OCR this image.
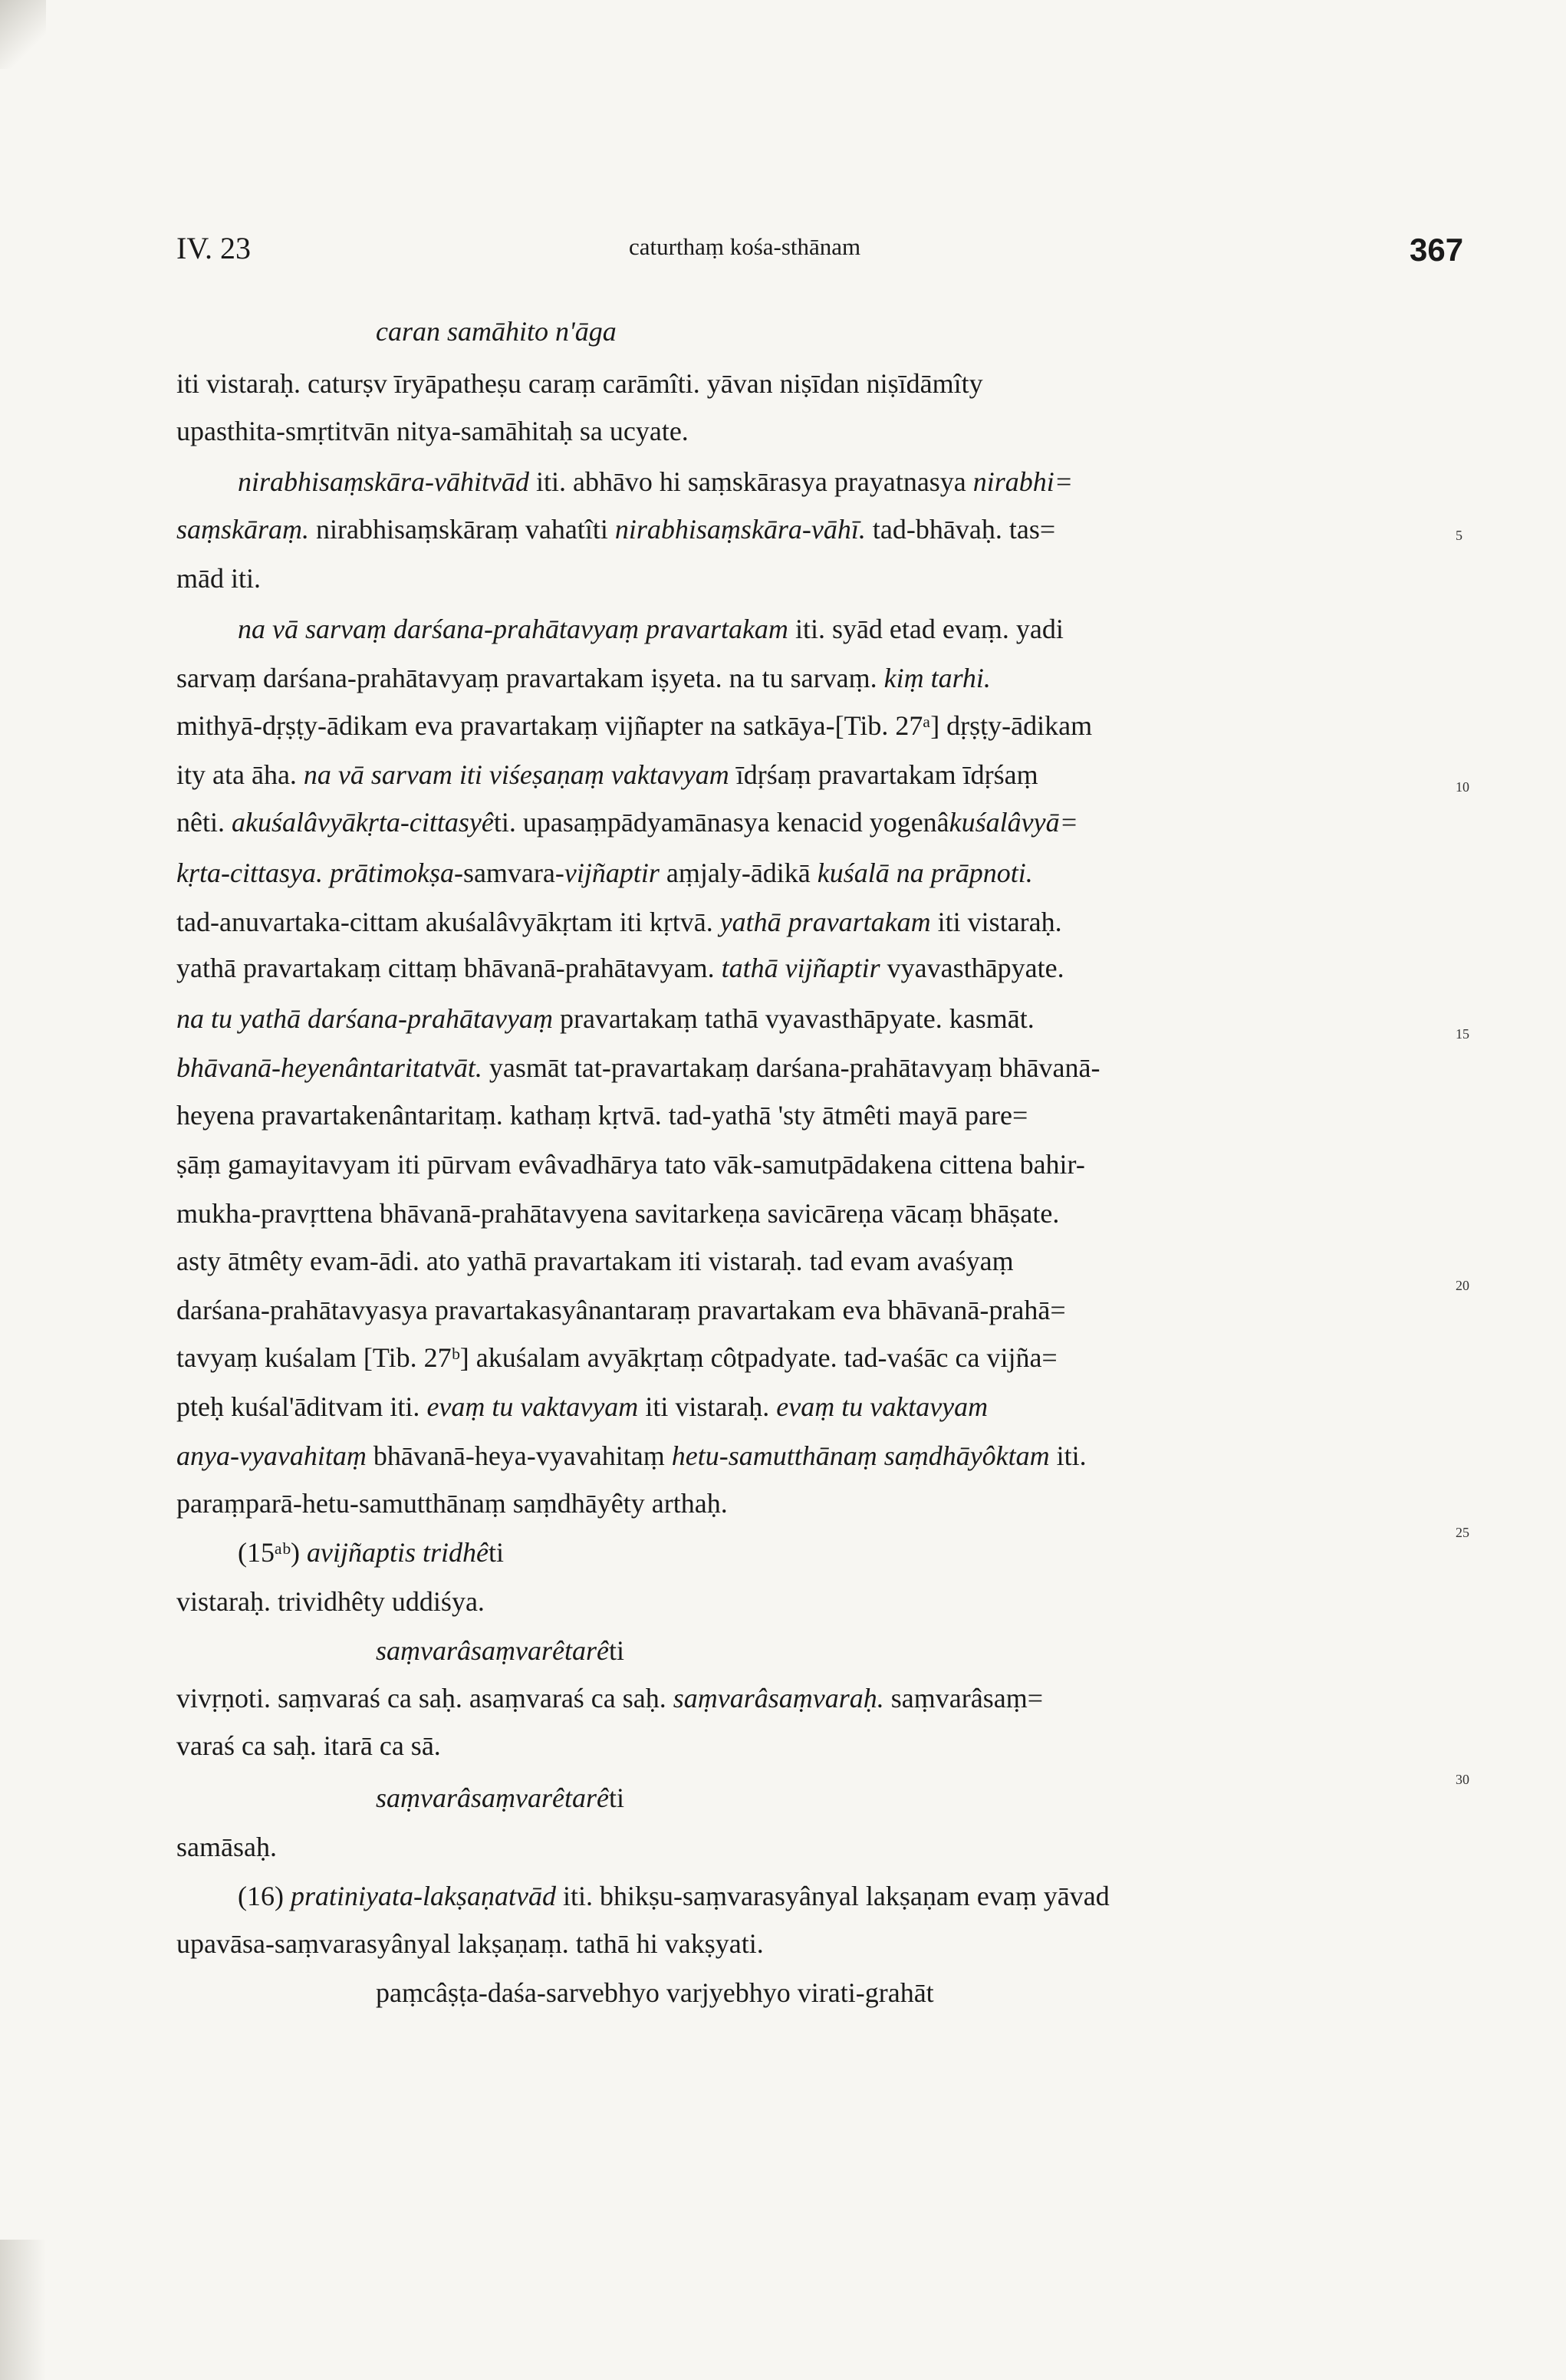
IV. 23	caturthaṃ kośa-sthānam	367
caran samāhito n'āga
iti vistaraḥ. caturṣv īryāpatheṣu caraṃ carāmîti. yāvan niṣīdan niṣīdāmîty
upasthita-smṛtitvān nitya-samāhitaḥ sa ucyate.
nirabhisaṃskāra-vāhitvād iti. abhāvo hi saṃskārasya prayatnasya nirabhi=
saṃskāraṃ. nirabhisaṃskāraṃ vahatîti nirabhisaṃskāra-vāhī. tad-bhāvaḥ. tas=
mād iti.
na vā sarvaṃ darśana-prahātavyaṃ pravartakam iti. syād etad evaṃ. yadi
sarvaṃ darśana-prahātavyaṃ pravartakam iṣyeta. na tu sarvaṃ. kiṃ tarhi.
mithyā-dṛṣṭy-ādikam eva pravartakaṃ vijñapter na satkāya-[Tib. 27ᵃ] dṛṣṭy-ādikam
ity ata āha. na vā sarvam iti viśeṣaṇaṃ vaktavyam īdṛśaṃ pravartakam īdṛśaṃ
nêti. akuśalâvyākṛta-cittasyêti. upasaṃpādyamānasya kenacid yogenâkuśalâvyā=
kṛta-cittasya. prātimokṣa-samvara-vijñaptir aṃjaly-ādikā kuśalā na prāpnoti.
tad-anuvartaka-cittam akuśalâvyākṛtam iti kṛtvā. yathā pravartakam iti vistaraḥ.
yathā pravartakaṃ cittaṃ bhāvanā-prahātavyam. tathā vijñaptir vyavasthāpyate.
na tu yathā darśana-prahātavyaṃ pravartakaṃ tathā vyavasthāpyate. kasmāt.
bhāvanā-heyenântaritatvāt. yasmāt tat-pravartakaṃ darśana-prahātavyaṃ bhāvanā-
heyena pravartakenântaritaṃ. kathaṃ kṛtvā. tad-yathā 'sty ātmêti mayā pare=
ṣāṃ gamayitavyam iti pūrvam evâvadhārya tato vāk-samutpādakena cittena bahir-
mukha-pravṛttena bhāvanā-prahātavyena savitarkeṇa savicāreṇa vācaṃ bhāṣate.
asty ātmêty evam-ādi. ato yathā pravartakam iti vistaraḥ. tad evam avaśyaṃ
darśana-prahātavyasya pravartakasyânantaraṃ pravartakam eva bhāvanā-prahā=
tavyaṃ kuśalam [Tib. 27ᵇ] akuśalam avyākṛtaṃ côtpadyate. tad-vaśāc ca vijña=
pteḥ kuśal'āditvam iti. evaṃ tu vaktavyam iti vistaraḥ. evaṃ tu vaktavyam
anya-vyavahitaṃ bhāvanā-heya-vyavahitaṃ hetu-samutthānaṃ saṃdhāyôktam iti.
paraṃparā-hetu-samutthānaṃ saṃdhāyêty arthaḥ.
(15ᵃᵇ) avijñaptis tridhêti
vistaraḥ. trividhêty uddiśya.
saṃvarâsaṃvarêtarêti
vivṛṇoti. saṃvaraś ca saḥ. asaṃvaraś ca saḥ. saṃvarâsaṃvaraḥ. saṃvarâsaṃ=
varaś ca saḥ. itarā ca sā.
saṃvarâsaṃvarêtarêti
samāsaḥ.
(16) pratiniyata-lakṣaṇatvād iti. bhikṣu-saṃvarasyânyal lakṣaṇam evaṃ yāvad
upavāsa-saṃvarasyânyal lakṣaṇaṃ. tathā hi vakṣyati.
paṃcâṣṭa-daśa-sarvebhyo varjyebhyo virati-grahāt
5
10
15
20
25
30
